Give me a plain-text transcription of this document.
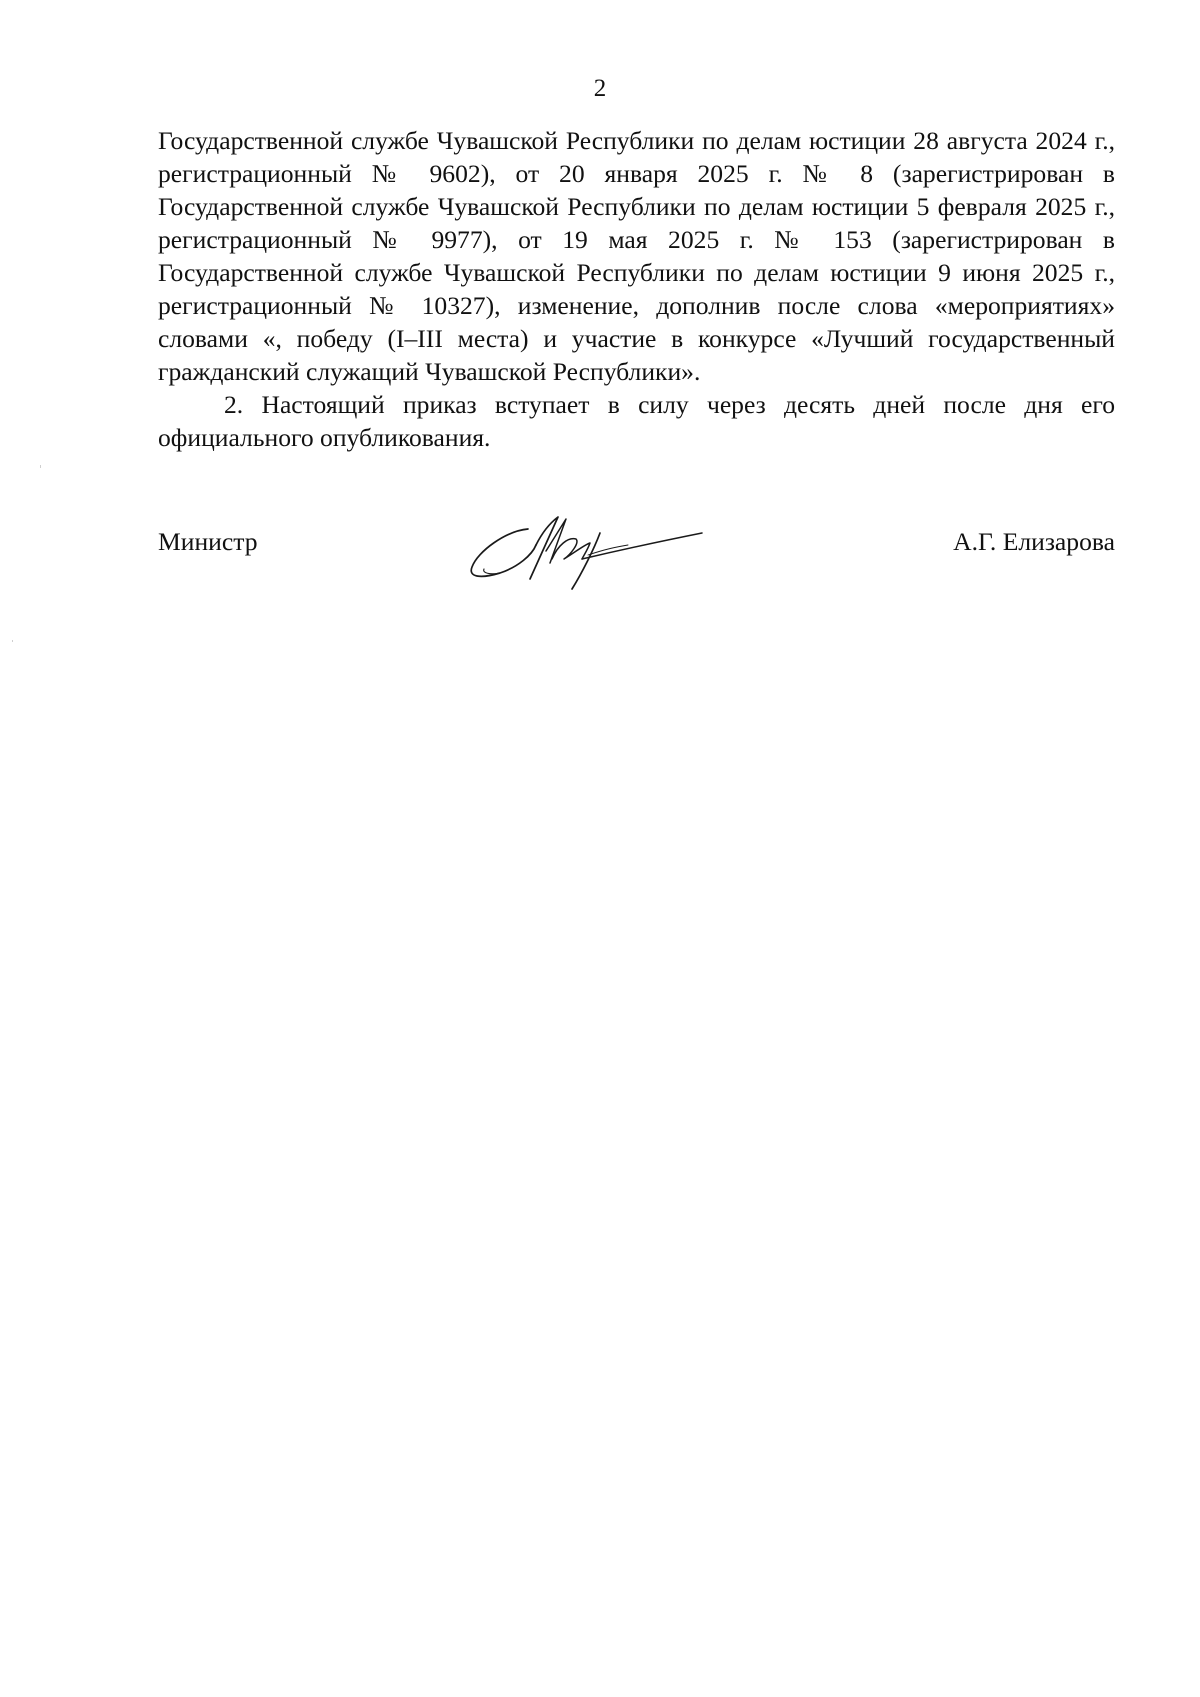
2

Государственной службе Чувашской Республики по делам юстиции 28 августа 2024 г., регистрационный № 9602), от 20 января 2025 г. № 8 (зарегистрирован в Государственной службе Чувашской Республики по делам юстиции 5 февраля 2025 г., регистрационный № 9977), от 19 мая 2025 г. № 153 (зарегистрирован в Государственной службе Чувашской Республики по делам юстиции 9 июня 2025 г., регистрационный № 10327), изменение, дополнив после слова «мероприятиях» словами «, победу (I–III места) и участие в конкурсе «Лучший государственный гражданский служащий Чувашской Республики».

2. Настоящий приказ вступает в силу через десять дней после дня его официального опубликования.

Министр	А.Г. Елизарова
